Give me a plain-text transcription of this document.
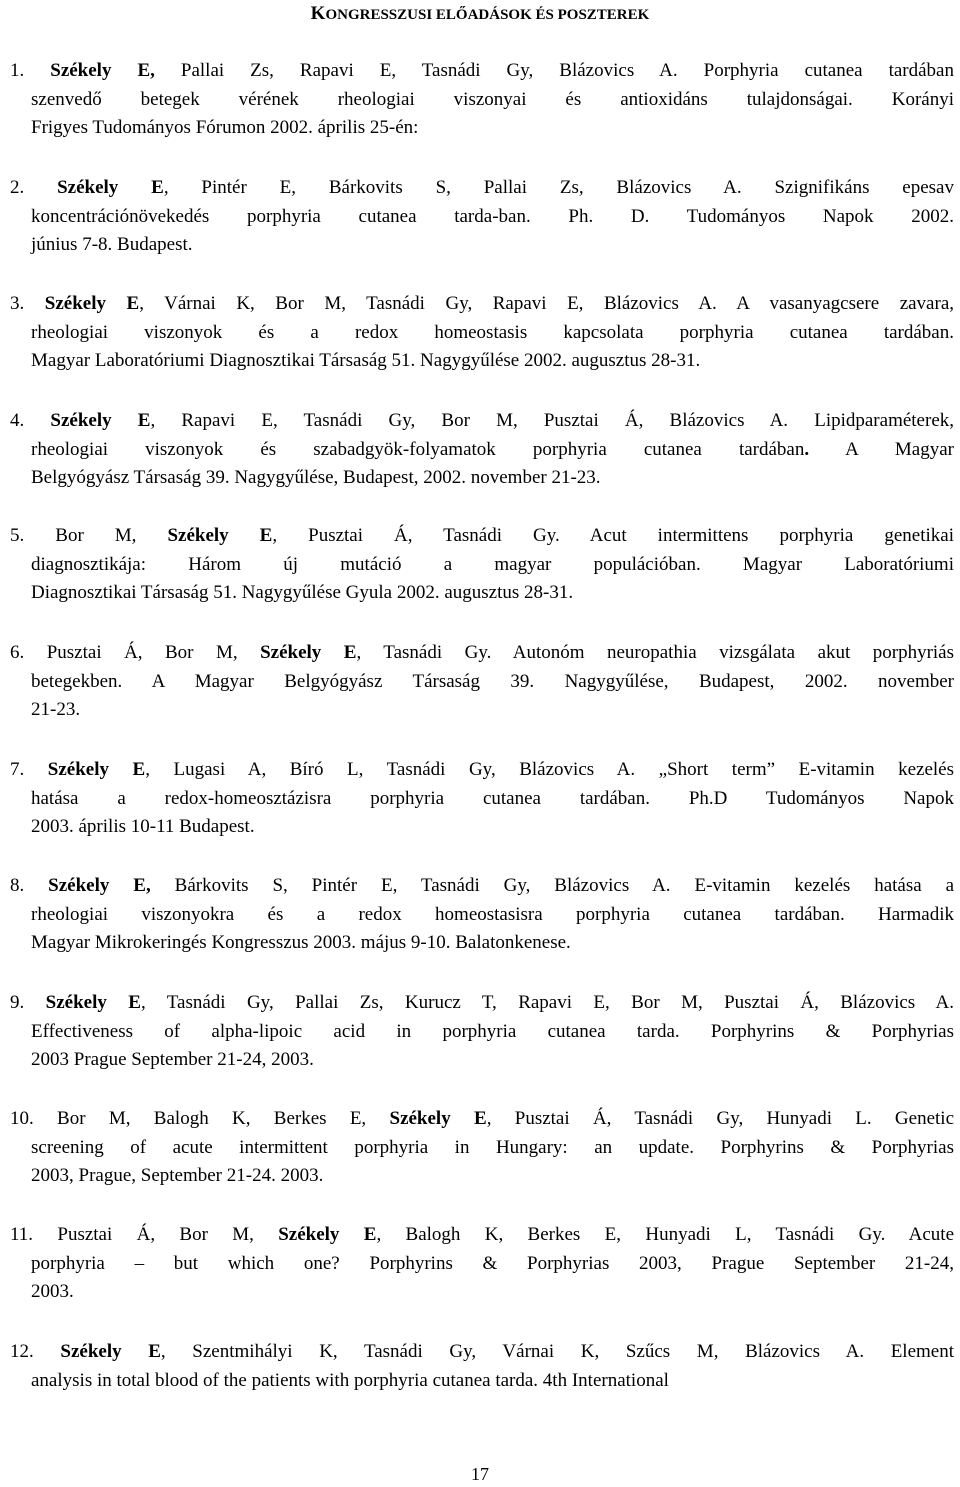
KONGRESSZUSI ELŐADÁSOK ÉS POSZTEREK
1. Székely E, Pallai Zs, Rapavi E, Tasnádi Gy, Blázovics A. Porphyria cutanea tardában
szenvedő betegek vérének rheologiai viszonyai és antioxidáns tulajdonságai. Korányi
Frigyes Tudományos Fórumon 2002. április 25-én:
2. Székely E, Pintér E, Bárkovits S, Pallai Zs, Blázovics A. Szignifikáns epesav
koncentrációnövekedés porphyria cutanea tarda-ban. Ph. D. Tudományos Napok 2002.
június 7-8. Budapest.
3. Székely E, Várnai K, Bor M, Tasnádi Gy, Rapavi E, Blázovics A. A vasanyagcsere zavara,
rheologiai viszonyok és a redox homeostasis kapcsolata porphyria cutanea tardában.
Magyar Laboratóriumi Diagnosztikai Társaság 51. Nagygyűlése 2002. augusztus 28-31.
4. Székely E, Rapavi E, Tasnádi Gy, Bor M, Pusztai Á, Blázovics A. Lipidparaméterek,
rheologiai viszonyok és szabadgyök-folyamatok porphyria cutanea tardában. A Magyar
Belgyógyász Társaság 39. Nagygyűlése, Budapest, 2002. november 21-23.
5. Bor M, Székely E, Pusztai Á, Tasnádi Gy. Acut intermittens porphyria genetikai
diagnosztikája: Három új mutáció a magyar populációban. Magyar Laboratóriumi
Diagnosztikai Társaság 51. Nagygyűlése Gyula 2002. augusztus 28-31.
6. Pusztai Á, Bor M, Székely E, Tasnádi Gy. Autonóm neuropathia vizsgálata akut porphyriás
betegekben. A Magyar Belgyógyász Társaság 39. Nagygyűlése, Budapest, 2002. november
21-23.
7. Székely E, Lugasi A, Bíró L, Tasnádi Gy, Blázovics A. „Short term” E-vitamin kezelés
hatása a redox-homeosztázisra porphyria cutanea tardában. Ph.D Tudományos Napok
2003. április 10-11 Budapest.
8. Székely E, Bárkovits S, Pintér E, Tasnádi Gy, Blázovics A. E-vitamin kezelés hatása a
rheologiai viszonyokra és a redox homeostasisra porphyria cutanea tardában. Harmadik
Magyar Mikrokeringés Kongresszus 2003. május 9-10. Balatonkenese.
9. Székely E, Tasnádi Gy, Pallai Zs, Kurucz T, Rapavi E, Bor M, Pusztai Á, Blázovics A.
Effectiveness of alpha-lipoic acid in porphyria cutanea tarda. Porphyrins & Porphyrias
2003 Prague September 21-24, 2003.
10. Bor M, Balogh K, Berkes E, Székely E, Pusztai Á, Tasnádi Gy, Hunyadi L. Genetic
screening of acute intermittent porphyria in Hungary: an update. Porphyrins & Porphyrias
2003, Prague, September 21-24. 2003.
11. Pusztai Á, Bor M, Székely E, Balogh K, Berkes E, Hunyadi L, Tasnádi Gy. Acute
porphyria – but which one? Porphyrins & Porphyrias 2003, Prague September 21-24,
2003.
12. Székely E, Szentmihályi K, Tasnádi Gy, Várnai K, Szűcs M, Blázovics A. Element
analysis in total blood of the patients with porphyria cutanea tarda. 4th International
17
